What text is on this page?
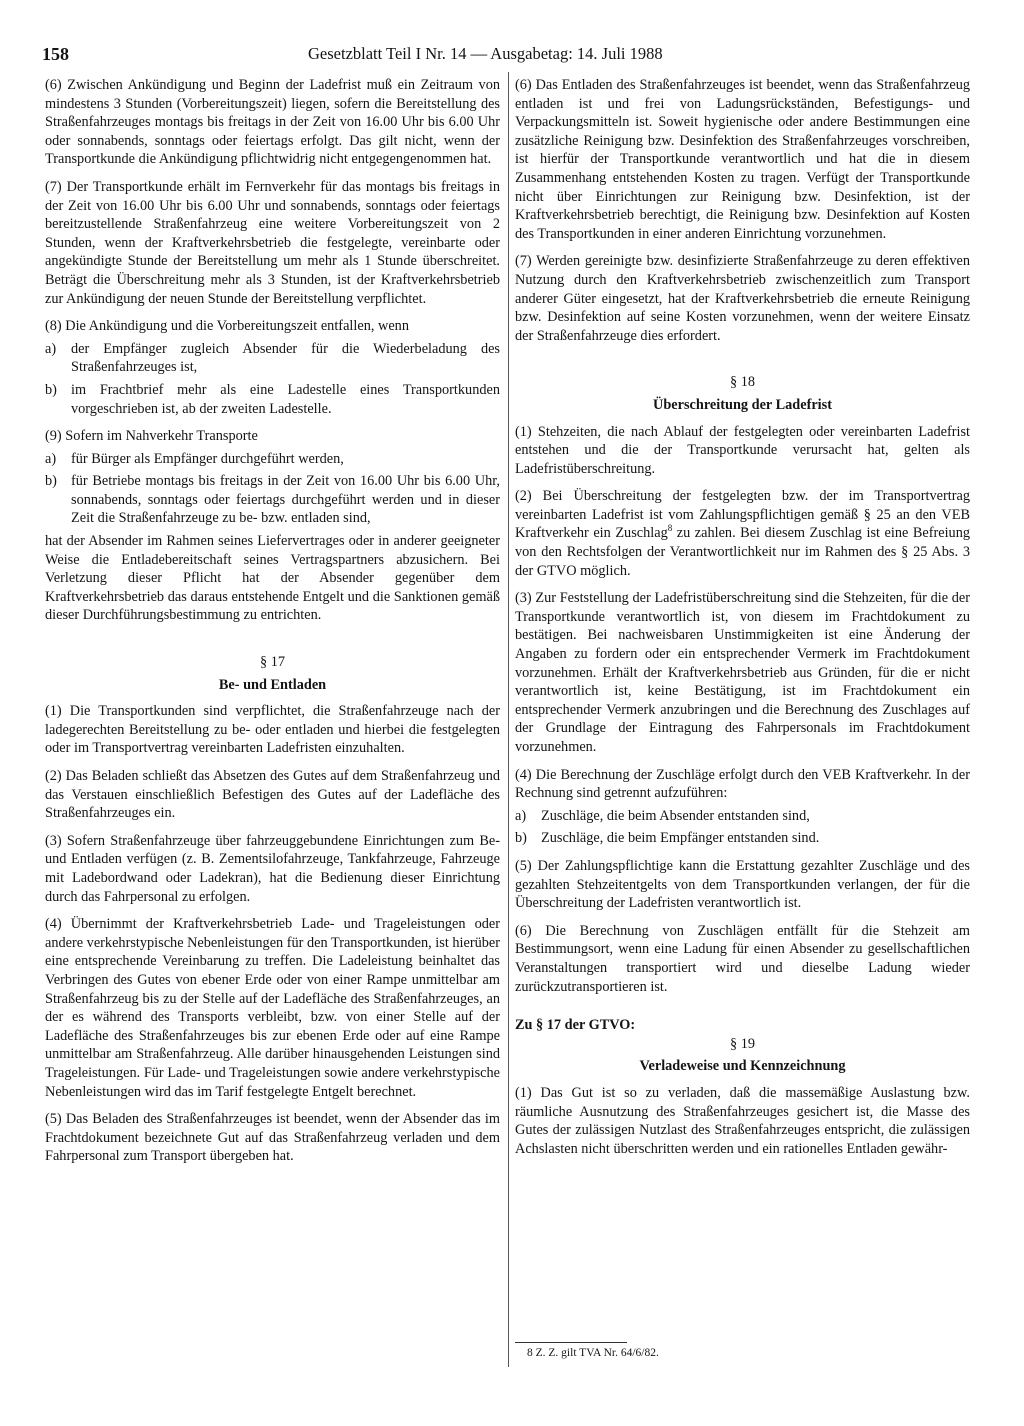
158	Gesetzblatt Teil I Nr. 14 — Ausgabetag: 14. Juli 1988

(6) Zwischen Ankündigung und Beginn der Ladefrist muß ein Zeitraum von mindestens 3 Stunden (Vorbereitungszeit) liegen, sofern die Bereitstellung des Straßenfahrzeuges montags bis freitags in der Zeit von 16.00 Uhr bis 6.00 Uhr oder sonnabends, sonntags oder feiertags erfolgt. Das gilt nicht, wenn der Transportkunde die Ankündigung pflichtwidrig nicht entgegengenommen hat.

(7) Der Transportkunde erhält im Fernverkehr für das montags bis freitags in der Zeit von 16.00 Uhr bis 6.00 Uhr und sonnabends, sonntags oder feiertags bereitzustellende Straßenfahrzeug eine weitere Vorbereitungszeit von 2 Stunden, wenn der Kraftverkehrsbetrieb die festgelegte, vereinbarte oder angekündigte Stunde der Bereitstellung um mehr als 1 Stunde überschreitet. Beträgt die Überschreitung mehr als 3 Stunden, ist der Kraftverkehrsbetrieb zur Ankündigung der neuen Stunde der Bereitstellung verpflichtet.

(8) Die Ankündigung und die Vorbereitungszeit entfallen, wenn

a) der Empfänger zugleich Absender für die Wiederbeladung des Straßenfahrzeuges ist,
b) im Frachtbrief mehr als eine Ladestelle eines Transportkunden vorgeschrieben ist, ab der zweiten Ladestelle.

(9) Sofern im Nahverkehr Transporte

a) für Bürger als Empfänger durchgeführt werden,
b) für Betriebe montags bis freitags in der Zeit von 16.00 Uhr bis 6.00 Uhr, sonnabends, sonntags oder feiertags durchgeführt werden und in dieser Zeit die Straßenfahrzeuge zu be- bzw. entladen sind,

hat der Absender im Rahmen seines Liefervertrages oder in anderer geeigneter Weise die Entladebereitschaft seines Vertragspartners abzusichern. Bei Verletzung dieser Pflicht hat der Absender gegenüber dem Kraftverkehrsbetrieb das daraus entstehende Entgelt und die Sanktionen gemäß dieser Durchführungsbestimmung zu entrichten.

§ 17
Be- und Entladen

(1) Die Transportkunden sind verpflichtet, die Straßenfahrzeuge nach der ladegerechten Bereitstellung zu be- oder entladen und hierbei die festgelegten oder im Transportvertrag vereinbarten Ladefristen einzuhalten.

(2) Das Beladen schließt das Absetzen des Gutes auf dem Straßenfahrzeug und das Verstauen einschließlich Befestigen des Gutes auf der Ladefläche des Straßenfahrzeuges ein.

(3) Sofern Straßenfahrzeuge über fahrzeuggebundene Einrichtungen zum Be- und Entladen verfügen (z. B. Zementsilofahrzeuge, Tankfahrzeuge, Fahrzeuge mit Ladebordwand oder Ladekran), hat die Bedienung dieser Einrichtung durch das Fahrpersonal zu erfolgen.

(4) Übernimmt der Kraftverkehrsbetrieb Lade- und Trageleistungen oder andere verkehrstypische Nebenleistungen für den Transportkunden, ist hierüber eine entsprechende Vereinbarung zu treffen. Die Ladeleistung beinhaltet das Verbringen des Gutes von ebener Erde oder von einer Rampe unmittelbar am Straßenfahrzeug bis zu der Stelle auf der Ladefläche des Straßenfahrzeuges, an der es während des Transports verbleibt, bzw. von einer Stelle auf der Ladefläche des Straßenfahrzeuges bis zur ebenen Erde oder auf eine Rampe unmittelbar am Straßenfahrzeug. Alle darüber hinausgehenden Leistungen sind Trageleistungen. Für Lade- und Trageleistungen sowie andere verkehrstypische Nebenleistungen wird das im Tarif festgelegte Entgelt berechnet.

(5) Das Beladen des Straßenfahrzeuges ist beendet, wenn der Absender das im Frachtdokument bezeichnete Gut auf das Straßenfahrzeug verladen und dem Fahrpersonal zum Transport übergeben hat.

(6) Das Entladen des Straßenfahrzeuges ist beendet, wenn das Straßenfahrzeug entladen ist und frei von Ladungsrückständen, Befestigungs- und Verpackungsmitteln ist. Soweit hygienische oder andere Bestimmungen eine zusätzliche Reinigung bzw. Desinfektion des Straßenfahrzeuges vorschreiben, ist hierfür der Transportkunde verantwortlich und hat die in diesem Zusammenhang entstehenden Kosten zu tragen. Verfügt der Transportkunde nicht über Einrichtungen zur Reinigung bzw. Desinfektion, ist der Kraftverkehrsbetrieb berechtigt, die Reinigung bzw. Desinfektion auf Kosten des Transportkunden in einer anderen Einrichtung vorzunehmen.

(7) Werden gereinigte bzw. desinfizierte Straßenfahrzeuge zu deren effektiven Nutzung durch den Kraftverkehrsbetrieb zwischenzeitlich zum Transport anderer Güter eingesetzt, hat der Kraftverkehrsbetrieb die erneute Reinigung bzw. Desinfektion auf seine Kosten vorzunehmen, wenn der weitere Einsatz der Straßenfahrzeuge dies erfordert.

§ 18
Überschreitung der Ladefrist

(1) Stehzeiten, die nach Ablauf der festgelegten oder vereinbarten Ladefrist entstehen und die der Transportkunde verursacht hat, gelten als Ladefristüberschreitung.

(2) Bei Überschreitung der festgelegten bzw. der im Transportvertrag vereinbarten Ladefrist ist vom Zahlungspflichtigen gemäß § 25 an den VEB Kraftverkehr ein Zuschlag$^8$ zu zahlen. Bei diesem Zuschlag ist eine Befreiung von den Rechtsfolgen der Verantwortlichkeit nur im Rahmen des § 25 Abs. 3 der GTVO möglich.

(3) Zur Feststellung der Ladefristüberschreitung sind die Stehzeiten, für die der Transportkunde verantwortlich ist, von diesem im Frachtdokument zu bestätigen. Bei nachweisbaren Unstimmigkeiten ist eine Änderung der Angaben zu fordern oder ein entsprechender Vermerk im Frachtdokument vorzunehmen. Erhält der Kraftverkehrsbetrieb aus Gründen, für die er nicht verantwortlich ist, keine Bestätigung, ist im Frachtdokument ein entsprechender Vermerk anzubringen und die Berechnung des Zuschlages auf der Grundlage der Eintragung des Fahrpersonals im Frachtdokument vorzunehmen.

(4) Die Berechnung der Zuschläge erfolgt durch den VEB Kraftverkehr. In der Rechnung sind getrennt aufzuführen:

a) Zuschläge, die beim Absender entstanden sind,
b) Zuschläge, die beim Empfänger entstanden sind.

(5) Der Zahlungspflichtige kann die Erstattung gezahlter Zuschläge und des gezahlten Stehzeitentgelts von dem Transportkunden verlangen, der für die Überschreitung der Ladefristen verantwortlich ist.

(6) Die Berechnung von Zuschlägen entfällt für die Stehzeit am Bestimmungsort, wenn eine Ladung für einen Absender zu gesellschaftlichen Veranstaltungen transportiert wird und dieselbe Ladung wieder zurückzutransportieren ist.

Zu § 17 der GTVO:
§ 19
Verladeweise und Kennzeichnung

(1) Das Gut ist so zu verladen, daß die massemäßige Auslastung bzw. räumliche Ausnutzung des Straßenfahrzeuges gesichert ist, die Masse des Gutes der zulässigen Nutzlast des Straßenfahrzeuges entspricht, die zulässigen Achslasten nicht überschritten werden und ein rationelles Entladen gewähr-

8 Z. Z. gilt TVA Nr. 64/6/82.
